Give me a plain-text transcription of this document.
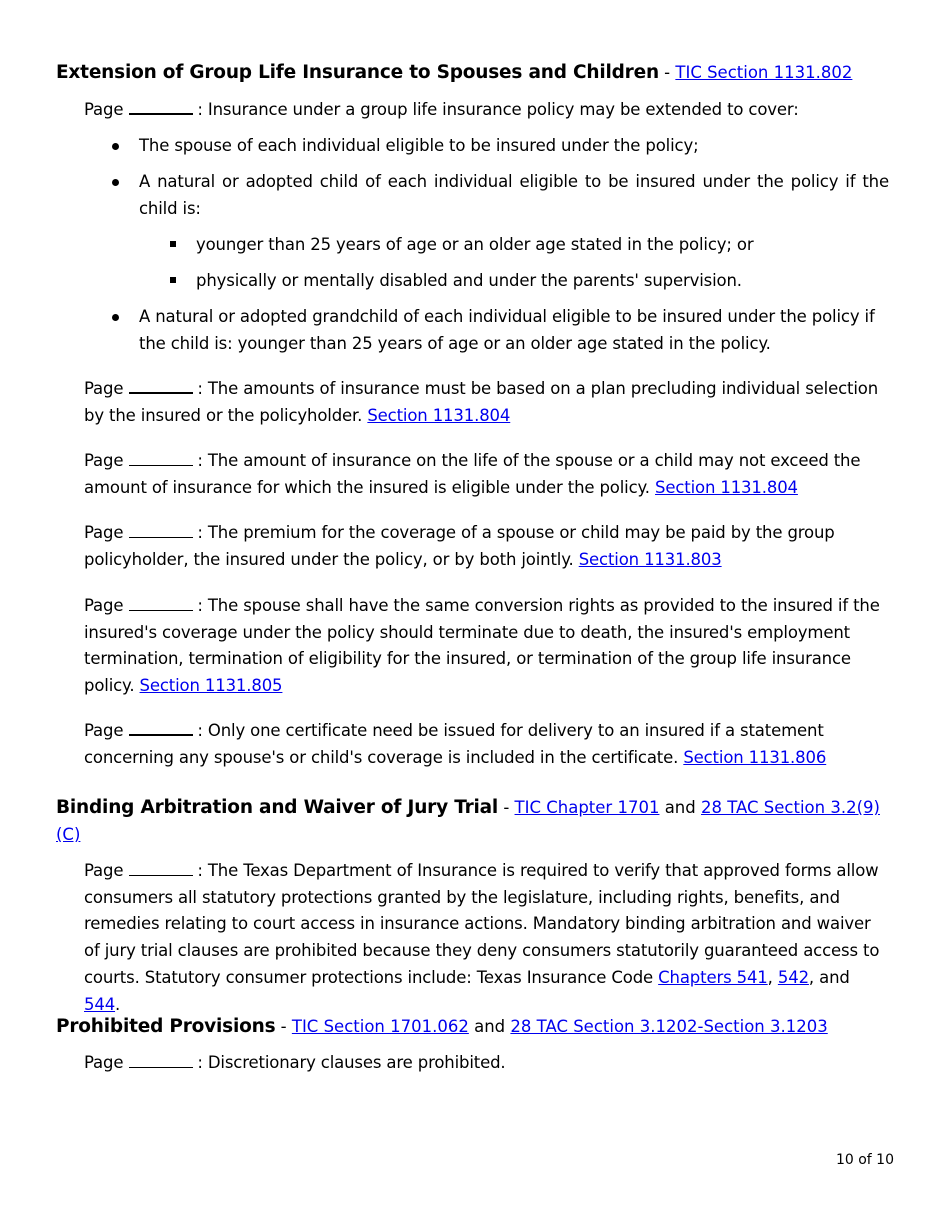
Extension of Group Life Insurance to Spouses and Children - TIC Section 1131.802
Page	: Insurance under a group life insurance policy may be extended to cover:
The spouse of each individual eligible to be insured under the policy;
A natural or adopted child of each individual eligible to be insured under the policy if the child is:
younger than 25 years of age or an older age stated in the policy; or
physically or mentally disabled and under the parents' supervision.
A natural or adopted grandchild of each individual eligible to be insured under the policy if the child is: younger than 25 years of age or an older age stated in the policy.
Page	: The amounts of insurance must be based on a plan precluding individual selection by the insured or the policyholder. Section 1131.804
Page	: The amount of insurance on the life of the spouse or a child may not exceed the amount of insurance for which the insured is eligible under the policy. Section 1131.804
Page	: The premium for the coverage of a spouse or child may be paid by the group policyholder, the insured under the policy, or by both jointly. Section 1131.803
Page	: The spouse shall have the same conversion rights as provided to the insured if the insured's coverage under the policy should terminate due to death, the insured's employment termination, termination of eligibility for the insured, or termination of the group life insurance policy. Section 1131.805
Page	: Only one certificate need be issued for delivery to an insured if a statement concerning any spouse's or child's coverage is included in the certificate. Section 1131.806
Binding Arbitration and Waiver of Jury Trial - TIC Chapter 1701 and 28 TAC Section 3.2(9)(C)
Page	: The Texas Department of Insurance is required to verify that approved forms allow consumers all statutory protections granted by the legislature, including rights, benefits, and remedies relating to court access in insurance actions. Mandatory binding arbitration and waiver of jury trial clauses are prohibited because they deny consumers statutorily guaranteed access to courts. Statutory consumer protections include: Texas Insurance Code Chapters 541, 542, and 544.
Prohibited Provisions - TIC Section 1701.062 and 28 TAC Section 3.1202-Section 3.1203
Page	: Discretionary clauses are prohibited.
10 of 10
